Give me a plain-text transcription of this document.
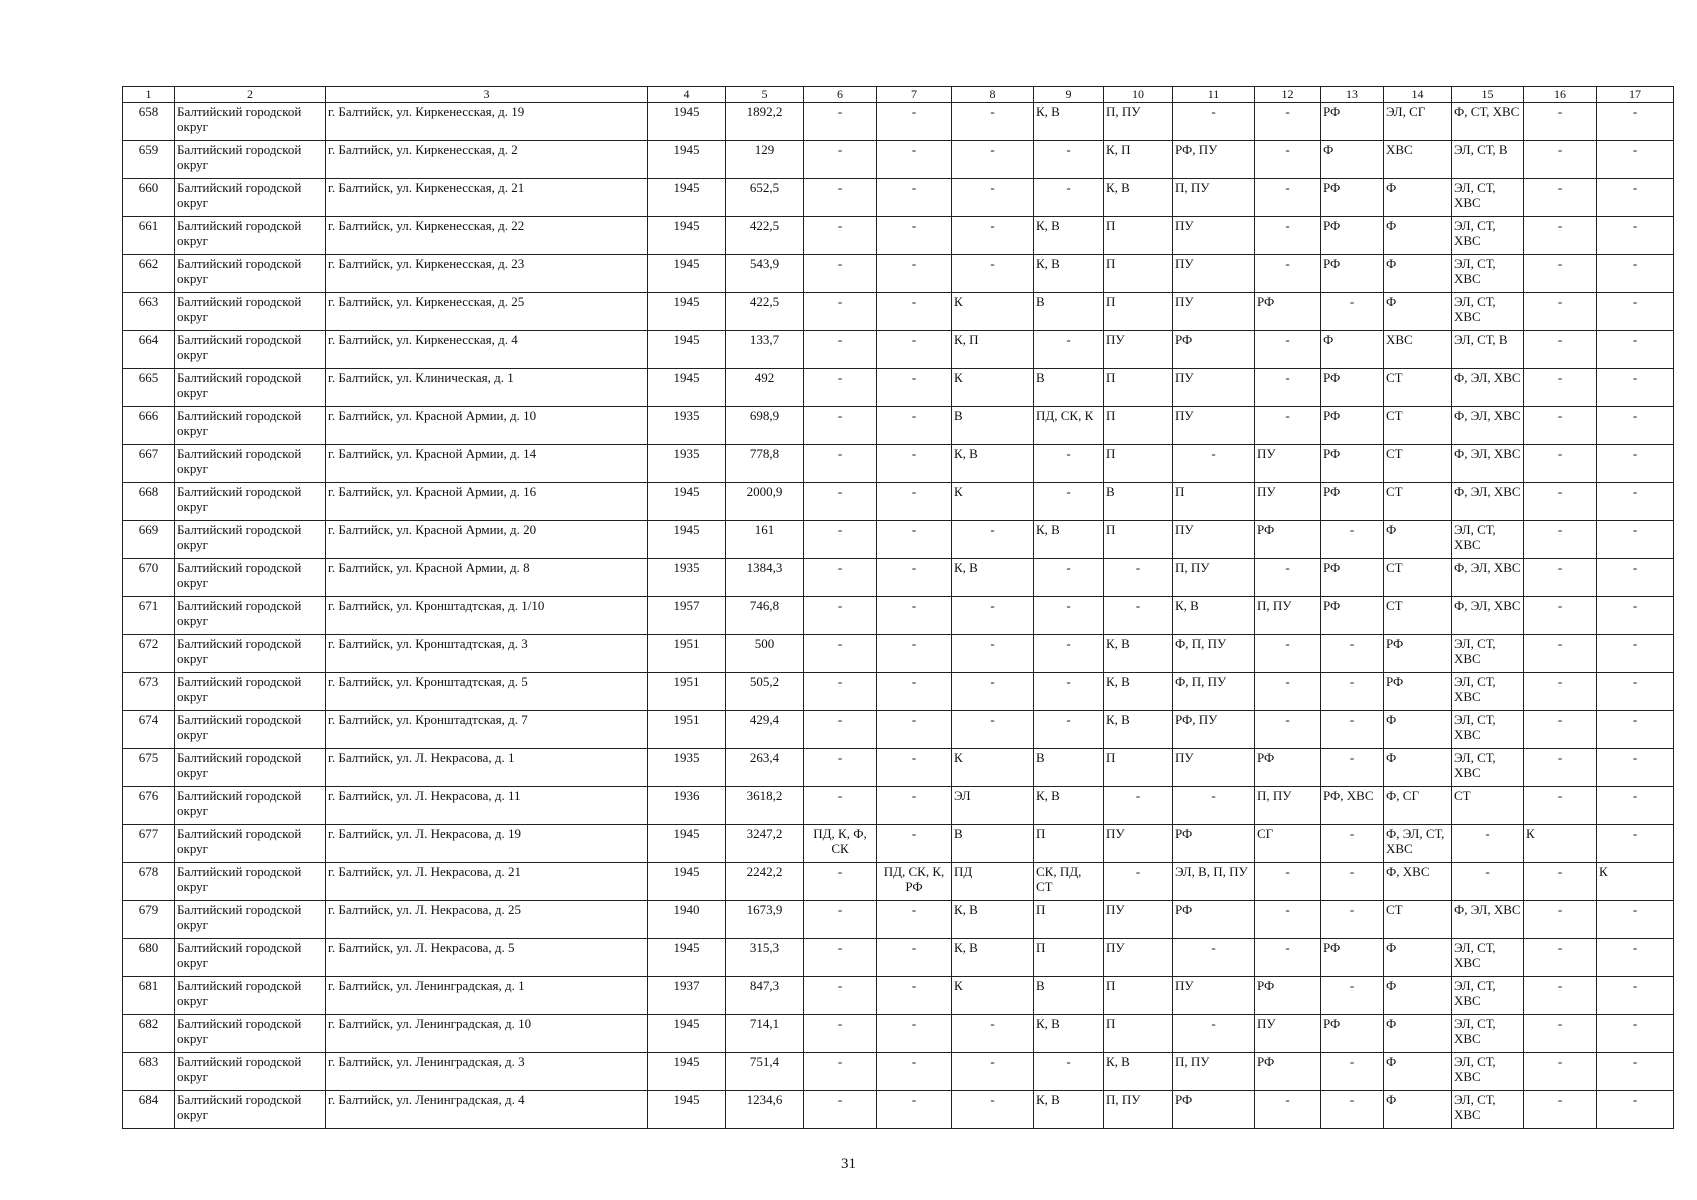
1	2	3	4	5	6	7	8	9	10	11	12	13	14	15	16	17
658	Балтийский городской округ	г. Балтийск, ул. Киркенесская, д. 19	1945	1892,2	-	-	-	К, В	П, ПУ	-	-	РФ	ЭЛ, СГ	Ф, СТ, ХВС	-	-
659	Балтийский городской округ	г. Балтийск, ул. Киркенесская, д. 2	1945	129	-	-	-	-	К, П	РФ, ПУ	-	Ф	ХВС	ЭЛ, СТ, В	-	-
660	Балтийский городской округ	г. Балтийск, ул. Киркенесская, д. 21	1945	652,5	-	-	-	-	К, В	П, ПУ	-	РФ	Ф	ЭЛ, СТ, ХВС	-	-
661	Балтийский городской округ	г. Балтийск, ул. Киркенесская, д. 22	1945	422,5	-	-	-	К, В	П	ПУ	-	РФ	Ф	ЭЛ, СТ, ХВС	-	-
662	Балтийский городской округ	г. Балтийск, ул. Киркенесская, д. 23	1945	543,9	-	-	-	К, В	П	ПУ	-	РФ	Ф	ЭЛ, СТ, ХВС	-	-
663	Балтийский городской округ	г. Балтийск, ул. Киркенесская, д. 25	1945	422,5	-	-	К	В	П	ПУ	РФ	-	Ф	ЭЛ, СТ, ХВС	-	-
664	Балтийский городской округ	г. Балтийск, ул. Киркенесская, д. 4	1945	133,7	-	-	К, П	-	ПУ	РФ	-	Ф	ХВС	ЭЛ, СТ, В	-	-
665	Балтийский городской округ	г. Балтийск, ул. Клиническая, д. 1	1945	492	-	-	К	В	П	ПУ	-	РФ	СТ	Ф, ЭЛ, ХВС	-	-
666	Балтийский городской округ	г. Балтийск, ул. Красной Армии, д. 10	1935	698,9	-	-	В	ПД, СК, К	П	ПУ	-	РФ	СТ	Ф, ЭЛ, ХВС	-	-
667	Балтийский городской округ	г. Балтийск, ул. Красной Армии, д. 14	1935	778,8	-	-	К, В	-	П	-	ПУ	РФ	СТ	Ф, ЭЛ, ХВС	-	-
668	Балтийский городской округ	г. Балтийск, ул. Красной Армии, д. 16	1945	2000,9	-	-	К	-	В	П	ПУ	РФ	СТ	Ф, ЭЛ, ХВС	-	-
669	Балтийский городской округ	г. Балтийск, ул. Красной Армии, д. 20	1945	161	-	-	-	К, В	П	ПУ	РФ	-	Ф	ЭЛ, СТ, ХВС	-	-
670	Балтийский городской округ	г. Балтийск, ул. Красной Армии, д. 8	1935	1384,3	-	-	К, В	-	-	П, ПУ	-	РФ	СТ	Ф, ЭЛ, ХВС	-	-
671	Балтийский городской округ	г. Балтийск, ул. Кронштадтская, д. 1/10	1957	746,8	-	-	-	-	-	К, В	П, ПУ	РФ	СТ	Ф, ЭЛ, ХВС	-	-
672	Балтийский городской округ	г. Балтийск, ул. Кронштадтская, д. 3	1951	500	-	-	-	-	К, В	Ф, П, ПУ	-	-	РФ	ЭЛ, СТ, ХВС	-	-
673	Балтийский городской округ	г. Балтийск, ул. Кронштадтская, д. 5	1951	505,2	-	-	-	-	К, В	Ф, П, ПУ	-	-	РФ	ЭЛ, СТ, ХВС	-	-
674	Балтийский городской округ	г. Балтийск, ул. Кронштадтская, д. 7	1951	429,4	-	-	-	-	К, В	РФ, ПУ	-	-	Ф	ЭЛ, СТ, ХВС	-	-
675	Балтийский городской округ	г. Балтийск, ул. Л. Некрасова, д. 1	1935	263,4	-	-	К	В	П	ПУ	РФ	-	Ф	ЭЛ, СТ, ХВС	-	-
676	Балтийский городской округ	г. Балтийск, ул. Л. Некрасова, д. 11	1936	3618,2	-	-	ЭЛ	К, В	-	-	П, ПУ	РФ, ХВС	Ф, СГ	СТ	-	-
677	Балтийский городской округ	г. Балтийск, ул. Л. Некрасова, д. 19	1945	3247,2	ПД, К, Ф, СК	-	В	П	ПУ	РФ	СГ	-	Ф, ЭЛ, СТ, ХВС	-	К	-
678	Балтийский городской округ	г. Балтийск, ул. Л. Некрасова, д. 21	1945	2242,2	-	ПД, СК, К, РФ	ПД	СК, ПД, СТ	-	ЭЛ, В, П, ПУ	-	-	Ф, ХВС	-	-	К
679	Балтийский городской округ	г. Балтийск, ул. Л. Некрасова, д. 25	1940	1673,9	-	-	К, В	П	ПУ	РФ	-	-	СТ	Ф, ЭЛ, ХВС	-	-
680	Балтийский городской округ	г. Балтийск, ул. Л. Некрасова, д. 5	1945	315,3	-	-	К, В	П	ПУ	-	-	РФ	Ф	ЭЛ, СТ, ХВС	-	-
681	Балтийский городской округ	г. Балтийск, ул. Ленинградская, д. 1	1937	847,3	-	-	К	В	П	ПУ	РФ	-	Ф	ЭЛ, СТ, ХВС	-	-
682	Балтийский городской округ	г. Балтийск, ул. Ленинградская, д. 10	1945	714,1	-	-	-	К, В	П	-	ПУ	РФ	Ф	ЭЛ, СТ, ХВС	-	-
683	Балтийский городской округ	г. Балтийск, ул. Ленинградская, д. 3	1945	751,4	-	-	-	-	К, В	П, ПУ	РФ	-	Ф	ЭЛ, СТ, ХВС	-	-
684	Балтийский городской округ	г. Балтийск, ул. Ленинградская, д. 4	1945	1234,6	-	-	-	К, В	П, ПУ	РФ	-	-	Ф	ЭЛ, СТ, ХВС	-	-
31
